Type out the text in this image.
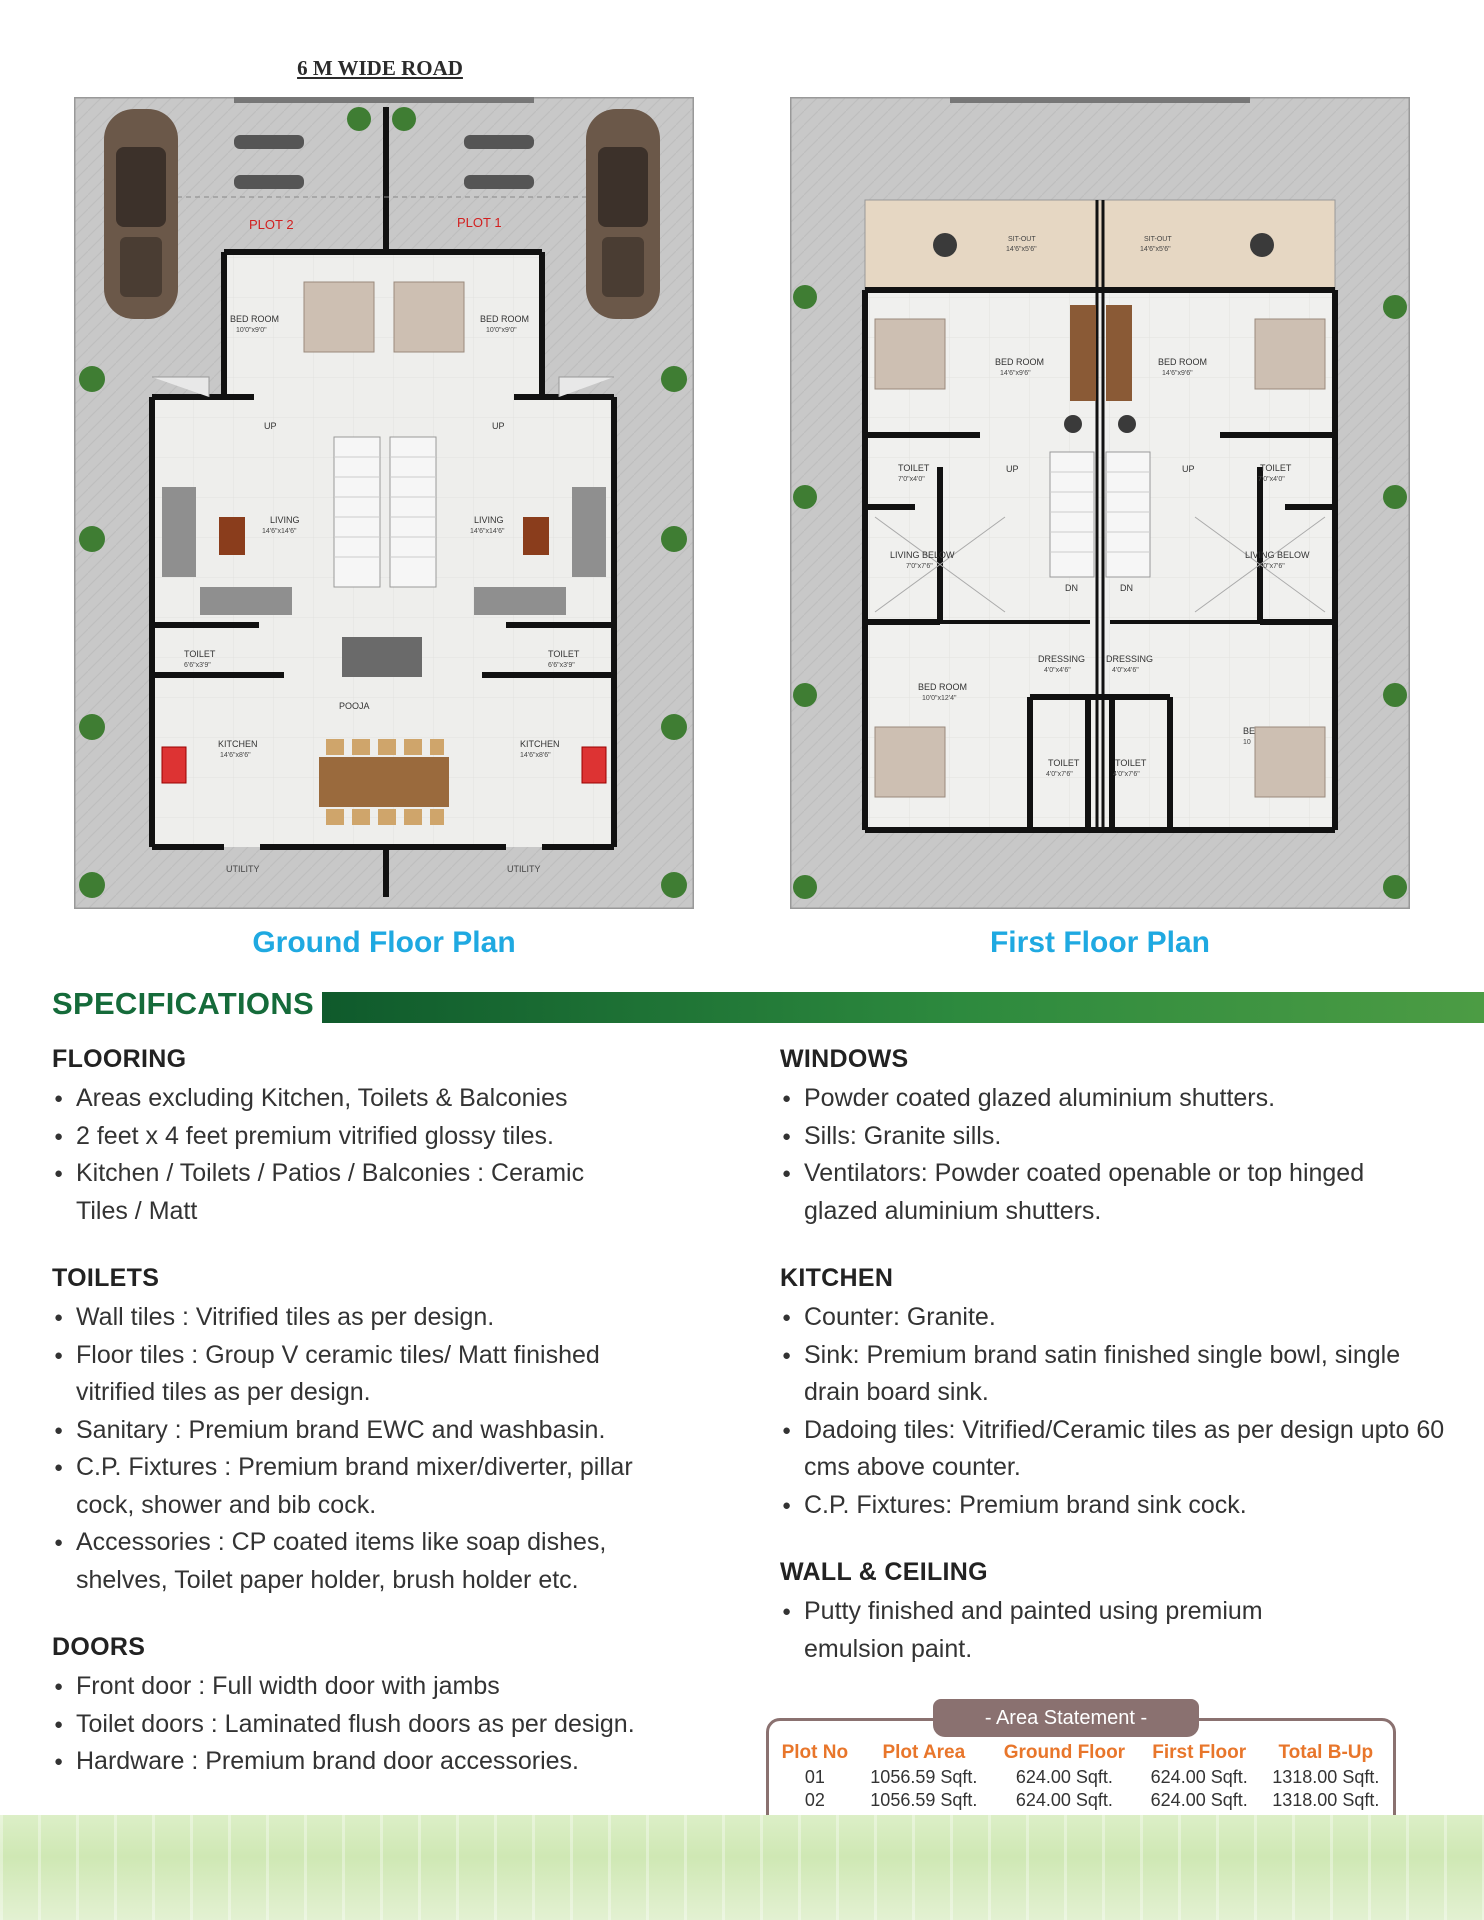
6 M WIDE ROAD
PLOT 2	PLOT 1
BED ROOM
10'0"x9'0"
BED ROOM
10'0"x9'0"
UP	UP
LIVING
14'6"x14'6"
LIVING
14'6"x14'6"
TOILET
6'6"x3'9"
TOILET
6'6"x3'9"
POOJA
KITCHEN
14'6"x8'6"
KITCHEN
14'6"x8'6"
UTILITY	UTILITY
Ground Floor Plan
SIT-OUT
14'6"x5'6"
SIT-OUT
14'6"x5'6"
BED ROOM
14'6"x9'6"
BED ROOM
14'6"x9'6"
TOILET
7'0"x4'0"
TOILET
7'0"x4'0"
UP	UP
LIVING BELOW
7'0"x7'6"
LIVING BELOW
7'0"x7'6"
DN	DN
DRESSING
4'0"x4'6"
DRESSING
4'0"x4'6"
BED ROOM
10'0"x12'4"
BE
10
TOILET
4'0"x7'6"
TOILET
4'0"x7'6"
First Floor Plan
SPECIFICATIONS
FLOORING
● Areas excluding Kitchen, Toilets & Balconies
● 2 feet x 4 feet premium vitrified glossy tiles.
● Kitchen / Toilets / Patios / Balconies : Ceramic Tiles / Matt
TOILETS
● Wall tiles : Vitrified tiles as per design.
● Floor tiles : Group V ceramic tiles/ Matt finished vitrified tiles as per design.
● Sanitary : Premium brand EWC and washbasin.
● C.P. Fixtures : Premium brand mixer/diverter, pillar cock, shower and bib cock.
● Accessories : CP coated items like soap dishes, shelves, Toilet paper holder, brush holder etc.
DOORS
● Front door : Full width door with jambs
● Toilet doors : Laminated flush doors as per design.
● Hardware : Premium brand door accessories.
WINDOWS
● Powder coated glazed aluminium shutters.
● Sills: Granite sills.
● Ventilators: Powder coated openable or top hinged glazed aluminium shutters.
KITCHEN
● Counter: Granite.
● Sink: Premium brand satin finished single bowl, single drain board sink.
● Dadoing tiles: Vitrified/Ceramic tiles as per design upto 60 cms above counter.
● C.P. Fixtures: Premium brand sink cock.
WALL & CEILING
● Putty finished and painted using premium emulsion paint.
- Area Statement -
Plot No	Plot Area	Ground Floor	First Floor	Total B-Up
01	1056.59 Sqft.	624.00 Sqft.	624.00 Sqft.	1318.00 Sqft.
02	1056.59 Sqft.	624.00 Sqft.	624.00 Sqft.	1318.00 Sqft.
